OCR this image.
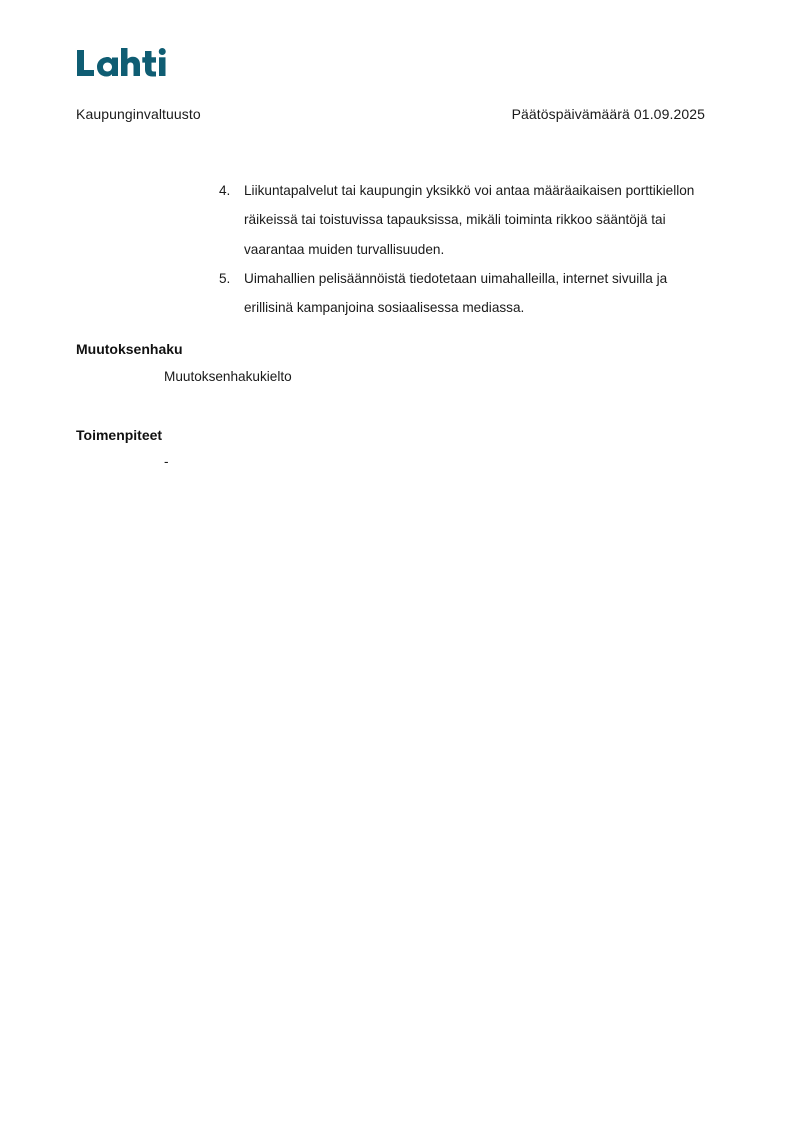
Kaupunginvaltuusto	Päätöspäivämäärä 01.09.2025
4. Liikuntapalvelut tai kaupungin yksikkö voi antaa määräaikaisen porttikiellon räikeissä tai toistuvissa tapauksissa, mikäli toiminta rikkoo sääntöjä tai vaarantaa muiden turvallisuuden.
5. Uimahallien pelisäännöistä tiedotetaan uimahalleilla, internet sivuilla ja erillisinä kampanjoina sosiaalisessa mediassa.
Muutoksenhaku
Muutoksenhakukielto
Toimenpiteet
-
